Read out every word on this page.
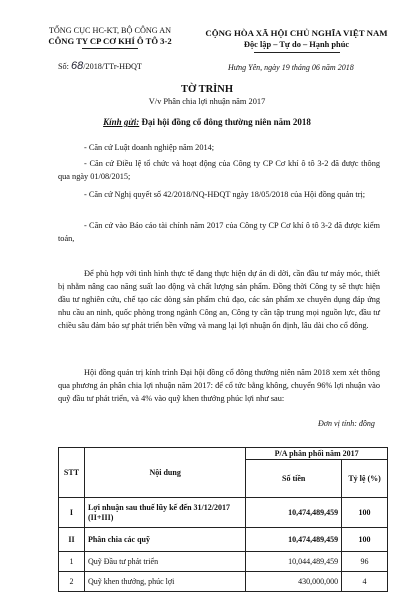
TỔNG CỤC HC-KT, BỘ CÔNG AN
CÔNG TY CP CƠ KHÍ Ô TÔ 3-2
CỘNG HÒA XÃ HỘI CHỦ NGHĨA VIỆT NAM
Độc lập – Tự do – Hạnh phúc
Số: 68/2018/TTr-HĐQT	Hưng Yên, ngày 19 tháng 06 năm 2018
TỜ TRÌNH
V/v Phân chia lợi nhuận năm 2017
Kính gửi: Đại hội đồng cổ đông thường niên năm 2018
- Căn cứ Luật doanh nghiệp năm 2014;
- Căn cứ Điều lệ tổ chức và hoạt động của Công ty CP Cơ khí ô tô 3-2 đã được thông qua ngày 01/08/2015;
- Căn cứ Nghị quyết số 42/2018/NQ-HĐQT ngày 18/05/2018 của Hội đồng quản trị;
- Căn cứ vào Báo cáo tài chính năm 2017 của Công ty CP Cơ khí ô tô 3-2 đã được kiểm toán,
Để phù hợp với tình hình thực tế đang thực hiện dự án di dời, cần đầu tư máy móc, thiết bị nhằm nâng cao năng suất lao động và chất lượng sản phẩm. Đồng thời Công ty sẽ thực hiện đầu tư nghiên cứu, chế tạo các dòng sản phẩm chủ đạo, các sản phẩm xe chuyên dụng đáp ứng nhu cầu an ninh, quốc phòng trong ngành Công an, Công ty cần tập trung mọi nguồn lực, đầu tư chiều sâu đảm bảo sự phát triển bền vững và mang lại lợi nhuận ổn định, lâu dài cho cổ đông.
Hội đồng quản trị kính trình Đại hội đồng cổ đông thường niên năm 2018 xem xét thông qua phương án phân chia lợi nhuận năm 2017: để cổ tức bằng không, chuyển 96% lợi nhuận vào quỹ đầu tư phát triển, và 4% vào quỹ khen thưởng phúc lợi như sau:
Đơn vị tính: đồng
STT	Nội dung	P/A phân phối năm 2017	
		Số tiền	Tỷ lệ (%)
I	Lợi nhuận sau thuế lũy kế đến 31/12/2017 (II+III)	10,474,489,459	100
II	Phân chia các quỹ	10,474,489,459	100
1	Quỹ Đầu tư phát triển	10,044,489,459	96
2	Quỹ khen thưởng, phúc lợi	430,000,000	4
